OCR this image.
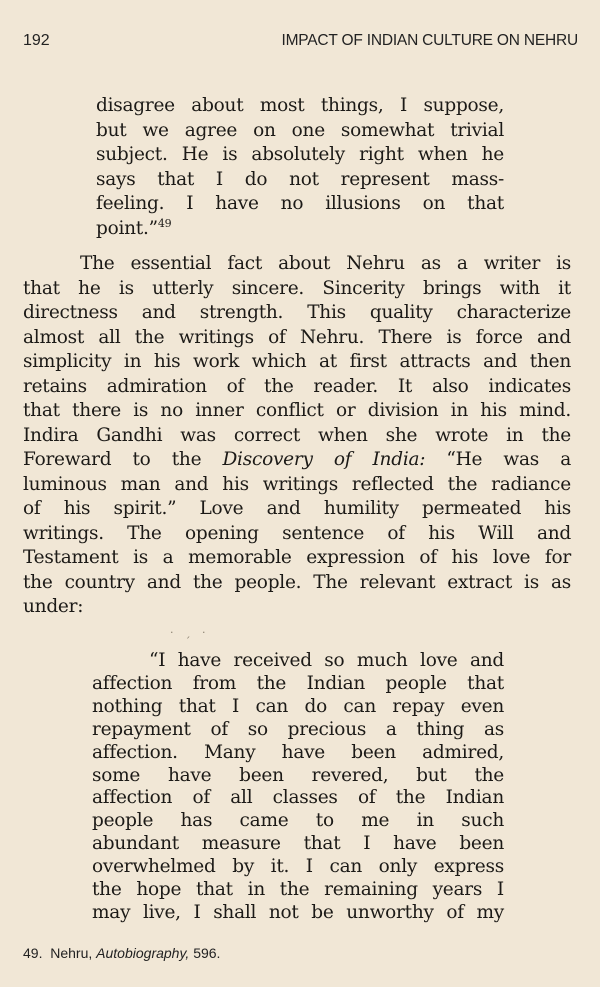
192	IMPACT OF INDIAN CULTURE ON NEHRU
disagree about most things, I suppose,
but we agree on one somewhat trivial
subject. He is absolutely right when he
says that I do not represent mass-
feeling. I have no illusions on that
point.”$^{49}$
The essential fact about Nehru as a writer is
that he is utterly sincere. Sincerity brings with it
directness and strength. This quality characterize
almost all the writings of Nehru. There is force and
simplicity in his work which at first attracts and then
retains admiration of the reader. It also indicates
that there is no inner conflict or division in his mind.
Indira Gandhi was correct when she wrote in the
Foreward to the Discovery of India: “He was a
luminous man and his writings reflected the radiance
of his spirit.” Love and humility permeated his
writings. The opening sentence of his Will and
Testament is a memorable expression of his love for
the country and the people. The relevant extract is as
under:
· ˏ ·
“I have received so much love and
affection from the Indian people that
nothing that I can do can repay even
repayment of so precious a thing as
affection. Many have been admired,
some have been revered, but the
affection of all classes of the Indian
people has came to me in such
abundant measure that I have been
overwhelmed by it. I can only express
the hope that in the remaining years I
may live, I shall not be unworthy of my
49. Nehru, Autobiography, 596.
